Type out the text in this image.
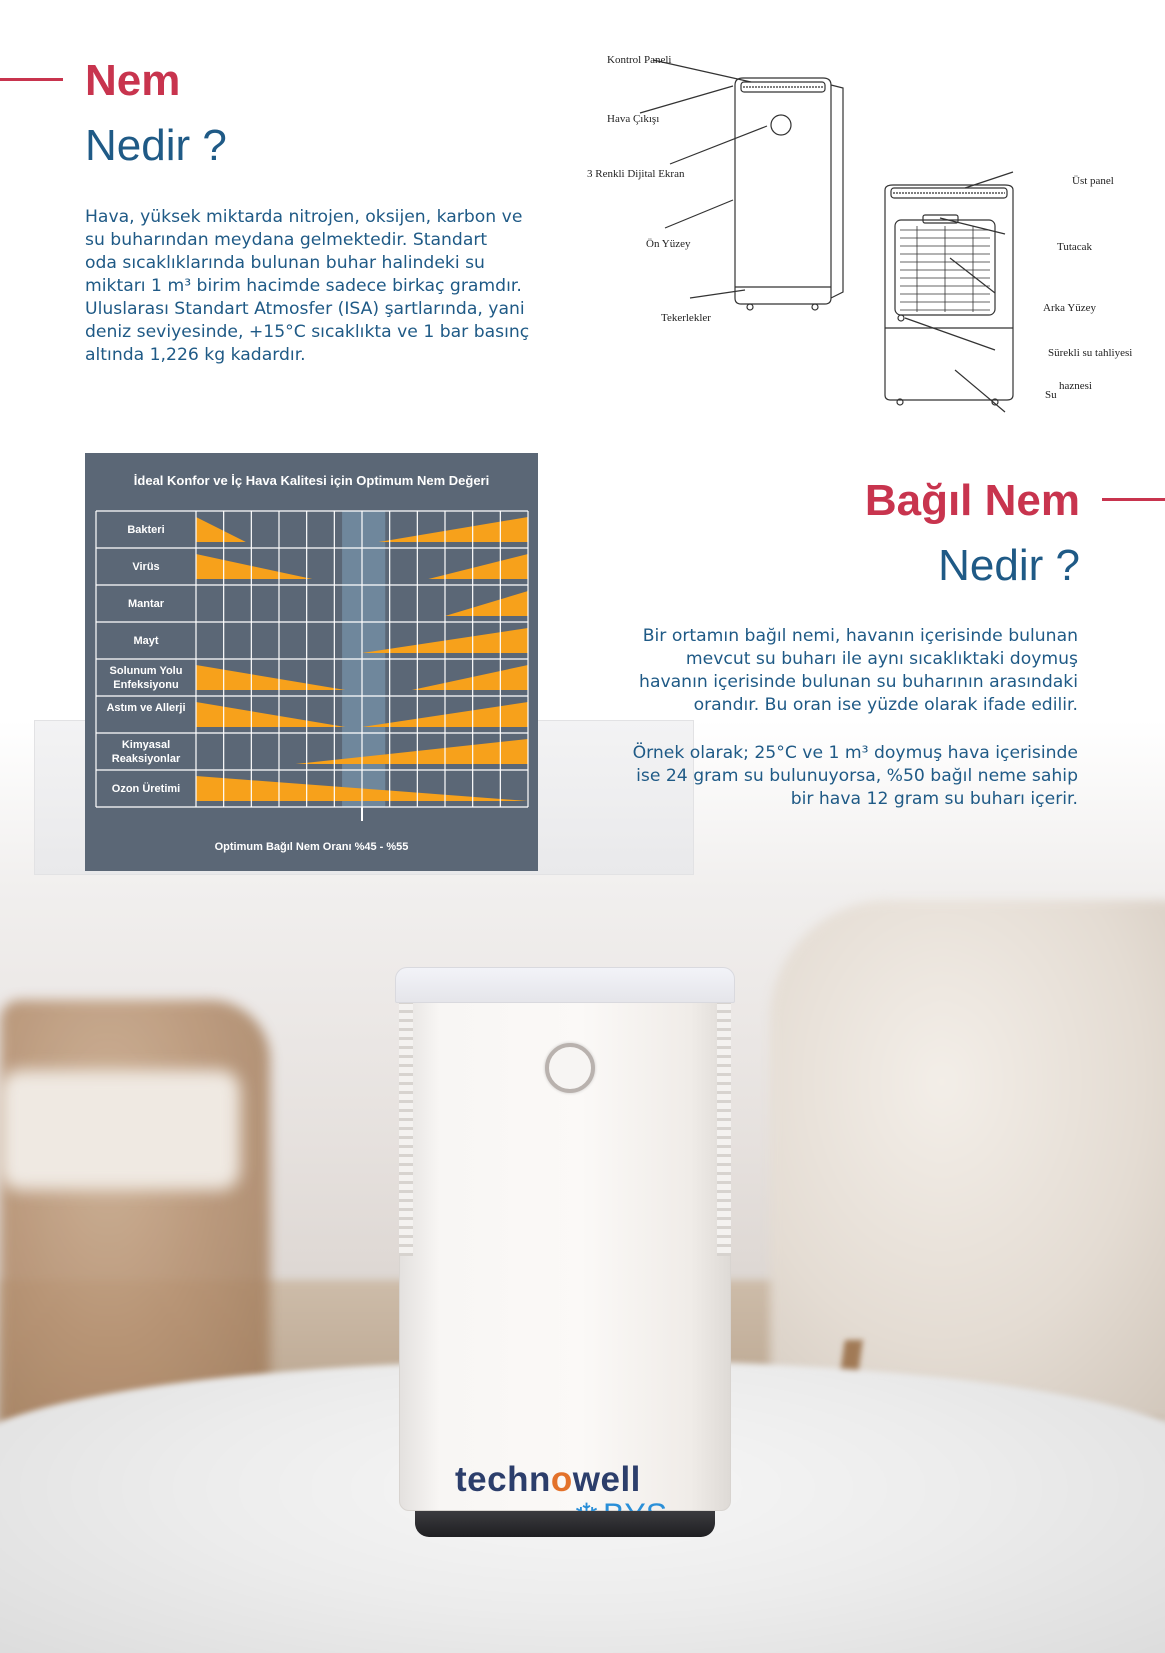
technowell
Nem
Nedir ?
Hava, yüksek miktarda nitrojen, oksijen, karbon ve
su buharından meydana gelmektedir. Standart
oda sıcaklıklarında bulunan buhar halindeki su
miktarı 1 m³ birim hacimde sadece birkaç gramdır.
Uluslarası Standart Atmosfer (ISA) şartlarında, yani
deniz seviyesinde, +15°C sıcaklıkta ve 1 bar basınç
altında 1,226 kg kadardır.
Kontrol Paneli
Hava Çıkışı
3 Renkli Dijital Ekran
Ön Yüzey
Tekerlekler
Üst panel
Tutacak
Arka Yüzey
Sürekli su tahliyesi
Su
haznesi
İdeal Konfor ve İç Hava Kalitesi için Optimum Nem Değeri
Bakteri
Virüs
Mantar
Mayt
Solunum Yolu Enfeksiyonu
Astım ve Allerji
Kimyasal Reaksiyonlar
Ozon Üretimi
Optimum Bağıl Nem Oranı %45 - %55
Bağıl Nem
Nedir ?
Bir ortamın bağıl nemi, havanın içerisinde bulunan
mevcut su buharı ile aynı sıcaklıktaki doymuş
havanın içerisinde bulunan su buharının arasındaki
orandır. Bu oran ise yüzde olarak ifade edilir.
Örnek olarak; 25°C ve 1 m³ doymuş hava içerisinde
ise 24 gram su bulunuyorsa, %50 bağıl neme sahip
bir hava 12 gram su buharı içerir.
